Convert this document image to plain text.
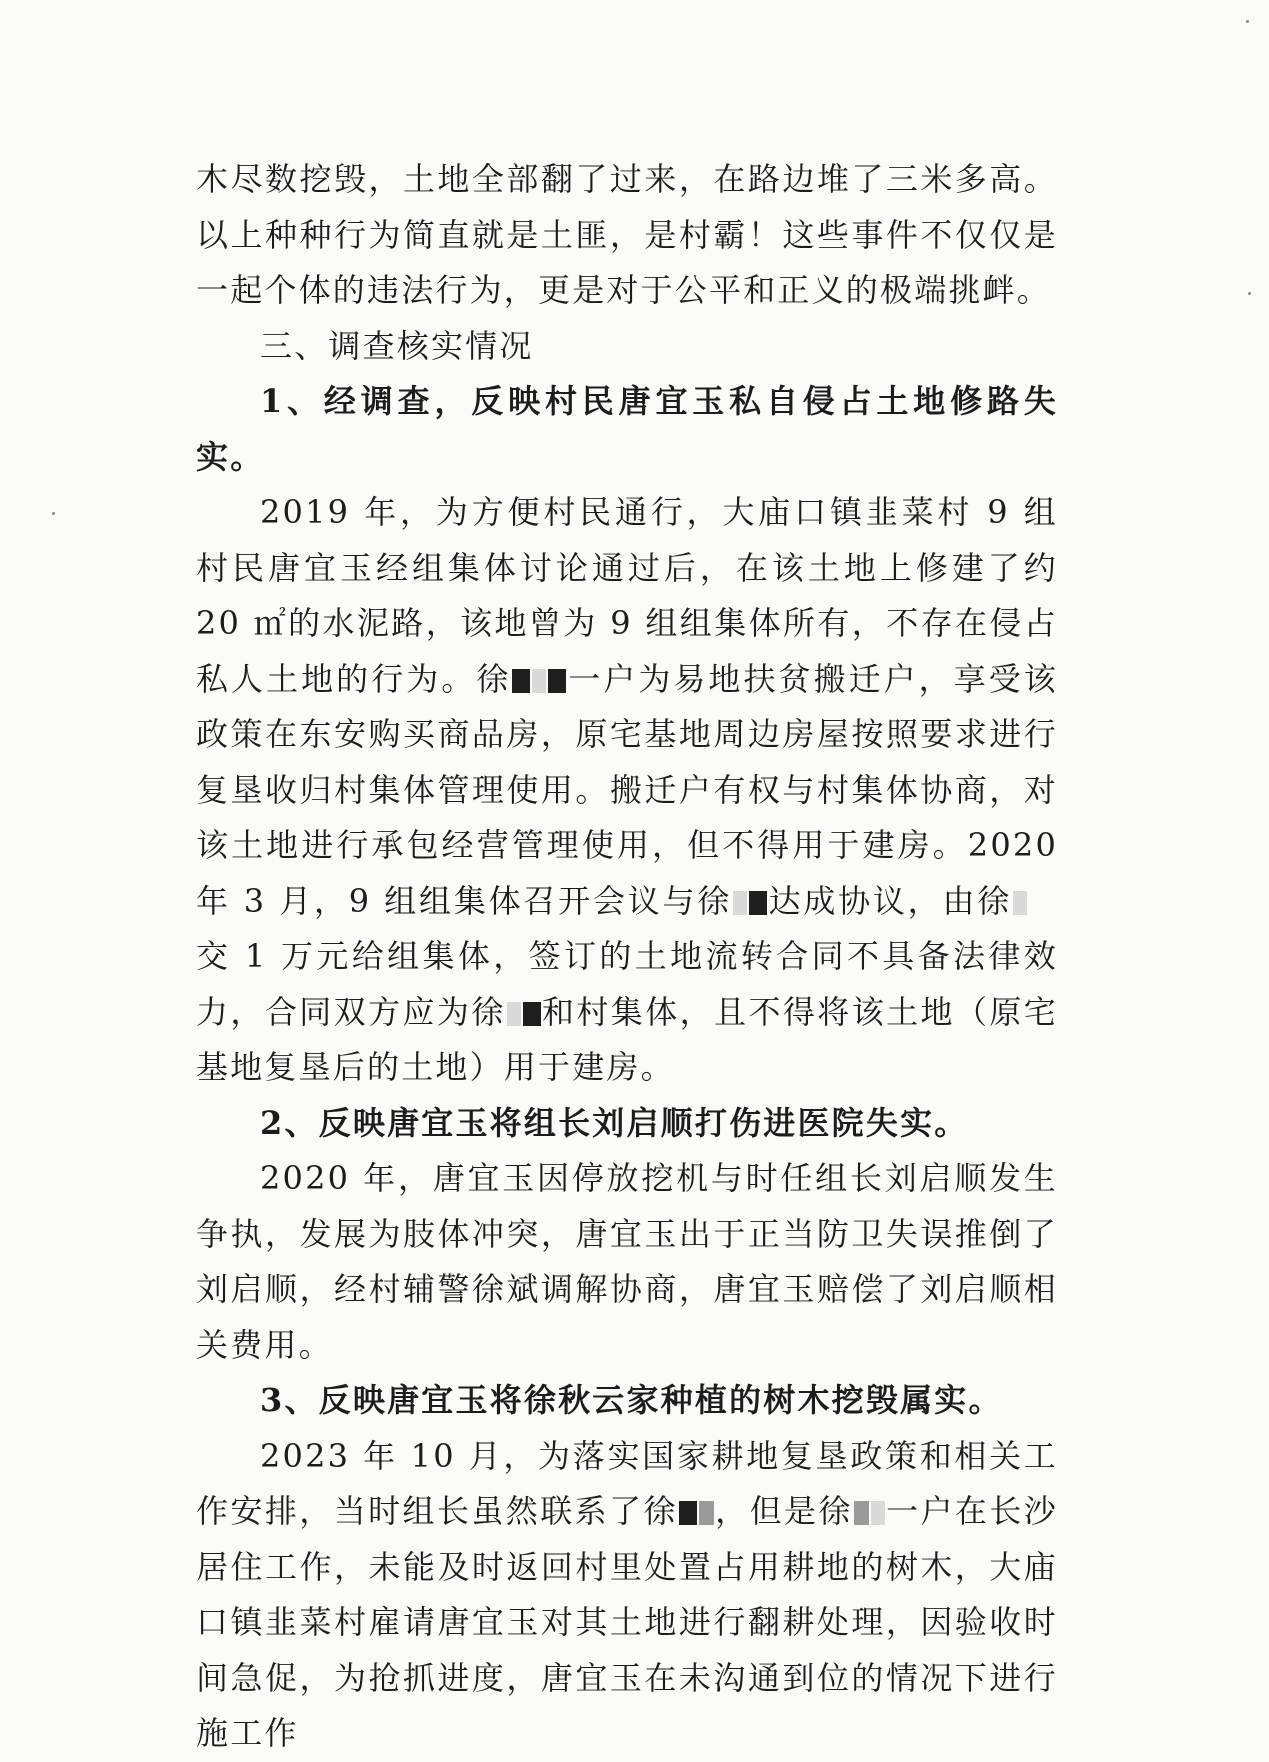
木尽数挖毁，土地全部翻了过来，在路边堆了三米多高。以上种种行为简直就是土匪，是村霸！这些事件不仅仅是一起个体的违法行为，更是对于公平和正义的极端挑衅。

三、调查核实情况

1、经调查，反映村民唐宜玉私自侵占土地修路失实。

2019 年，为方便村民通行，大庙口镇韭菜村 9 组村民唐宜玉经组集体讨论通过后，在该土地上修建了约 20 ㎡的水泥路，该地曾为 9 组组集体所有，不存在侵占私人土地的行为。徐 一户为易地扶贫搬迁户，享受该政策在东安购买商品房，原宅基地周边房屋按照要求进行复垦收归村集体管理使用。搬迁户有权与村集体协商，对该土地进行承包经营管理使用，但不得用于建房。2020 年 3 月，9 组组集体召开会议与徐 达成协议，由徐交 1 万元给组集体，签订的土地流转合同不具备法律效力，合同双方应为徐 和村集体，且不得将该土地（原宅基地复垦后的土地）用于建房。

2、反映唐宜玉将组长刘启顺打伤进医院失实。

2020 年，唐宜玉因停放挖机与时任组长刘启顺发生争执，发展为肢体冲突，唐宜玉出于正当防卫失误推倒了刘启顺，经村辅警徐斌调解协商，唐宜玉赔偿了刘启顺相关费用。

3、反映唐宜玉将徐秋云家种植的树木挖毁属实。

2023 年 10 月，为落实国家耕地复垦政策和相关工作安排，当时组长虽然联系了徐 ，但是徐 一户在长沙居住工作，未能及时返回村里处置占用耕地的树木，大庙口镇韭菜村雇请唐宜玉对其土地进行翻耕处理，因验收时间急促，为抢抓进度，唐宜玉在未沟通到位的情况下进行施工作
